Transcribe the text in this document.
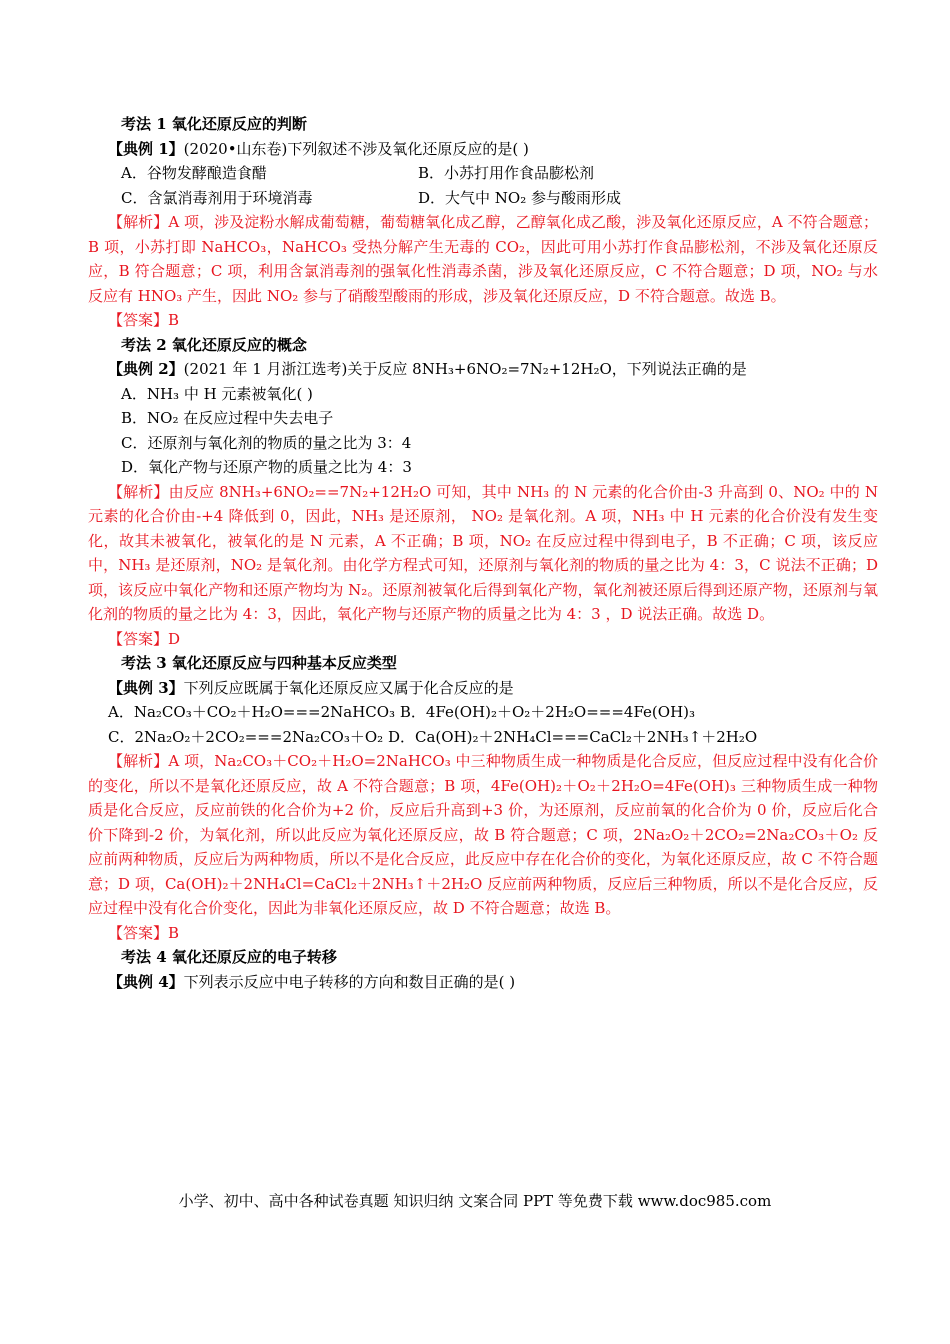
考法 1 氧化还原反应的判断
【典例 1】(2020•山东卷)下列叙述不涉及氧化还原反应的是( )
A．谷物发酵酿造食醋	B．小苏打用作食品膨松剂
C．含氯消毒剂用于环境消毒	D．大气中 NO₂ 参与酸雨形成
【解析】A 项，涉及淀粉水解成葡萄糖，葡萄糖氧化成乙醇，乙醇氧化成乙酸，涉及氧化还原反应，A 不符合题意；B 项，小苏打即 NaHCO₃，NaHCO₃ 受热分解产生无毒的 CO₂，因此可用小苏打作食品膨松剂，不涉及氧化还原反应，B 符合题意；C 项，利用含氯消毒剂的强氧化性消毒杀菌，涉及氧化还原反应，C 不符合题意；D 项，NO₂ 与水反应有 HNO₃ 产生，因此 NO₂ 参与了硝酸型酸雨的形成，涉及氧化还原反应，D 不符合题意。故选 B。
【答案】B
考法 2 氧化还原反应的概念
【典例 2】(2021 年 1 月浙江选考)关于反应 8NH₃+6NO₂=7N₂+12H₂O，下列说法正确的是
A．NH₃ 中 H 元素被氧化( )
B．NO₂ 在反应过程中失去电子
C．还原剂与氧化剂的物质的量之比为 3：4
D．氧化产物与还原产物的质量之比为 4：3
【解析】由反应 8NH₃+6NO₂==7N₂+12H₂O 可知，其中 NH₃ 的 N 元素的化合价由-3 升高到 0、NO₂ 中的 N 元素的化合价由-+4 降低到 0，因此，NH₃ 是还原剂， NO₂ 是氧化剂。A 项，NH₃ 中 H 元素的化合价没有发生变化，故其未被氧化，被氧化的是 N 元素，A 不正确；B 项，NO₂ 在反应过程中得到电子，B 不正确；C 项，该反应中，NH₃ 是还原剂，NO₂ 是氧化剂。由化学方程式可知，还原剂与氧化剂的物质的量之比为 4：3，C 说法不正确；D 项，该反应中氧化产物和还原产物均为 N₂。还原剂被氧化后得到氧化产物，氧化剂被还原后得到还原产物，还原剂与氧化剂的物质的量之比为 4：3，因此，氧化产物与还原产物的质量之比为 4：3 ，D 说法正确。故选 D。
【答案】D
考法 3 氧化还原反应与四种基本反应类型
【典例 3】下列反应既属于氧化还原反应又属于化合反应的是
A．Na₂CO₃＋CO₂＋H₂O===2NaHCO₃ B．4Fe(OH)₂＋O₂＋2H₂O===4Fe(OH)₃
C．2Na₂O₂＋2CO₂===2Na₂CO₃＋O₂ D．Ca(OH)₂＋2NH₄Cl===CaCl₂＋2NH₃↑＋2H₂O
【解析】A 项，Na₂CO₃＋CO₂＋H₂O=2NaHCO₃ 中三种物质生成一种物质是化合反应，但反应过程中没有化合价的变化，所以不是氧化还原反应，故 A 不符合题意；B 项，4Fe(OH)₂＋O₂＋2H₂O=4Fe(OH)₃ 三种物质生成一种物质是化合反应，反应前铁的化合价为+2 价，反应后升高到+3 价，为还原剂，反应前氧的化合价为 0 价，反应后化合价下降到-2 价，为氧化剂，所以此反应为氧化还原反应，故 B 符合题意；C 项，2Na₂O₂＋2CO₂=2Na₂CO₃＋O₂ 反应前两种物质，反应后为两种物质，所以不是化合反应，此反应中存在化合价的变化，为氧化还原反应，故 C 不符合题意；D 项，Ca(OH)₂＋2NH₄Cl=CaCl₂＋2NH₃↑＋2H₂O 反应前两种物质，反应后三种物质，所以不是化合反应，反应过程中没有化合价变化，因此为非氧化还原反应，故 D 不符合题意；故选 B。
【答案】B
考法 4 氧化还原反应的电子转移
【典例 4】下列表示反应中电子转移的方向和数目正确的是( )
小学、初中、高中各种试卷真题 知识归纳 文案合同 PPT 等免费下载 www.doc985.com
